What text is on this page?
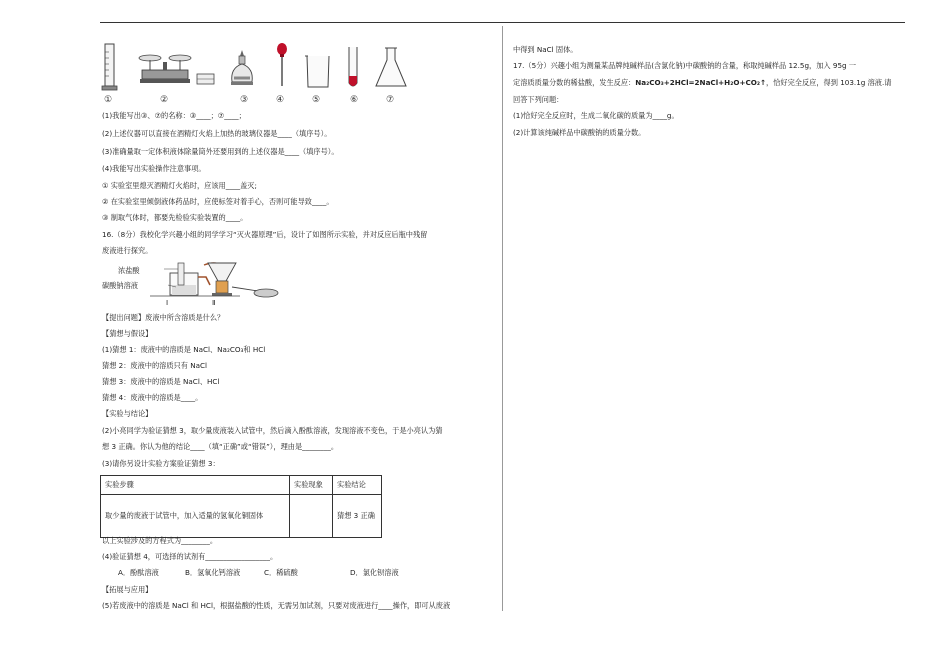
①	②	③	④	⑤	⑥	⑦
(1)我能写出③、⑦的名称：③____；⑦____；
(2)上述仪器可以直接在酒精灯火焰上加热的玻璃仪器是____（填序号）。
(3)准确量取一定体积液体除量筒外还要用到的上述仪器是____（填序号）。
(4)我能写出实验操作注意事项。
① 实验室里熄灭酒精灯火焰时，应该用____盖灭;
② 在实验室里倾倒液体药品时，应使标签对着手心，否则可能导致____。
③ 制取气体时，都要先检验实验装置的____。
16.（8分）我校化学兴趣小组的同学学习“灭火器原理”后，设计了如图所示实验，并对反应后瓶中残留
废液进行探究。
浓盐酸
碳酸钠溶液
Ⅰ	Ⅱ
【提出问题】废液中所含溶质是什么？
【猜想与假设】
(1)猜想 1：废液中的溶质是 NaCl、Na₂CO₃和 HCl
猜想 2：废液中的溶质只有 NaCl
猜想 3：废液中的溶质是 NaCl、HCl
猜想 4：废液中的溶质是____。
【实验与结论】
(2)小亮同学为验证猜想 3，取少量废液装入试管中，然后滴入酚酞溶液，发现溶液不变色，于是小亮认为猜
想 3 正确。你认为他的结论____（填“正确”或“错误”），理由是________。
(3)请你另设计实验方案验证猜想 3：
实验步骤	实验现象	实验结论
取少量的废液于试管中，加入适量的氢氧化铜固体		猜想 3 正确
以上实验涉及的方程式为________。
(4)验证猜想 4，可选择的试剂有__________________。
A．酚酞溶液	B．氢氧化钙溶液	C．稀硫酸	D．氯化钡溶液
【拓展与应用】
(5)若废液中的溶质是 NaCl 和 HCl，根据盐酸的性质，无需另加试剂，只要对废液进行____操作，即可从废液
中得到 NaCl 固体。
17.（5分）兴趣小组为测量某品牌纯碱样品(含氯化钠)中碳酸钠的含量，称取纯碱样品 12.5g，加入 95g 一
定溶质质量分数的稀盐酸，发生反应：Na₂CO₃+2HCl=2NaCl+H₂O+CO₂↑，恰好完全反应，得到 103.1g 溶液.请
回答下列问题：
(1)恰好完全反应时，生成二氧化碳的质量为____g。
(2)计算该纯碱样品中碳酸钠的质量分数。
